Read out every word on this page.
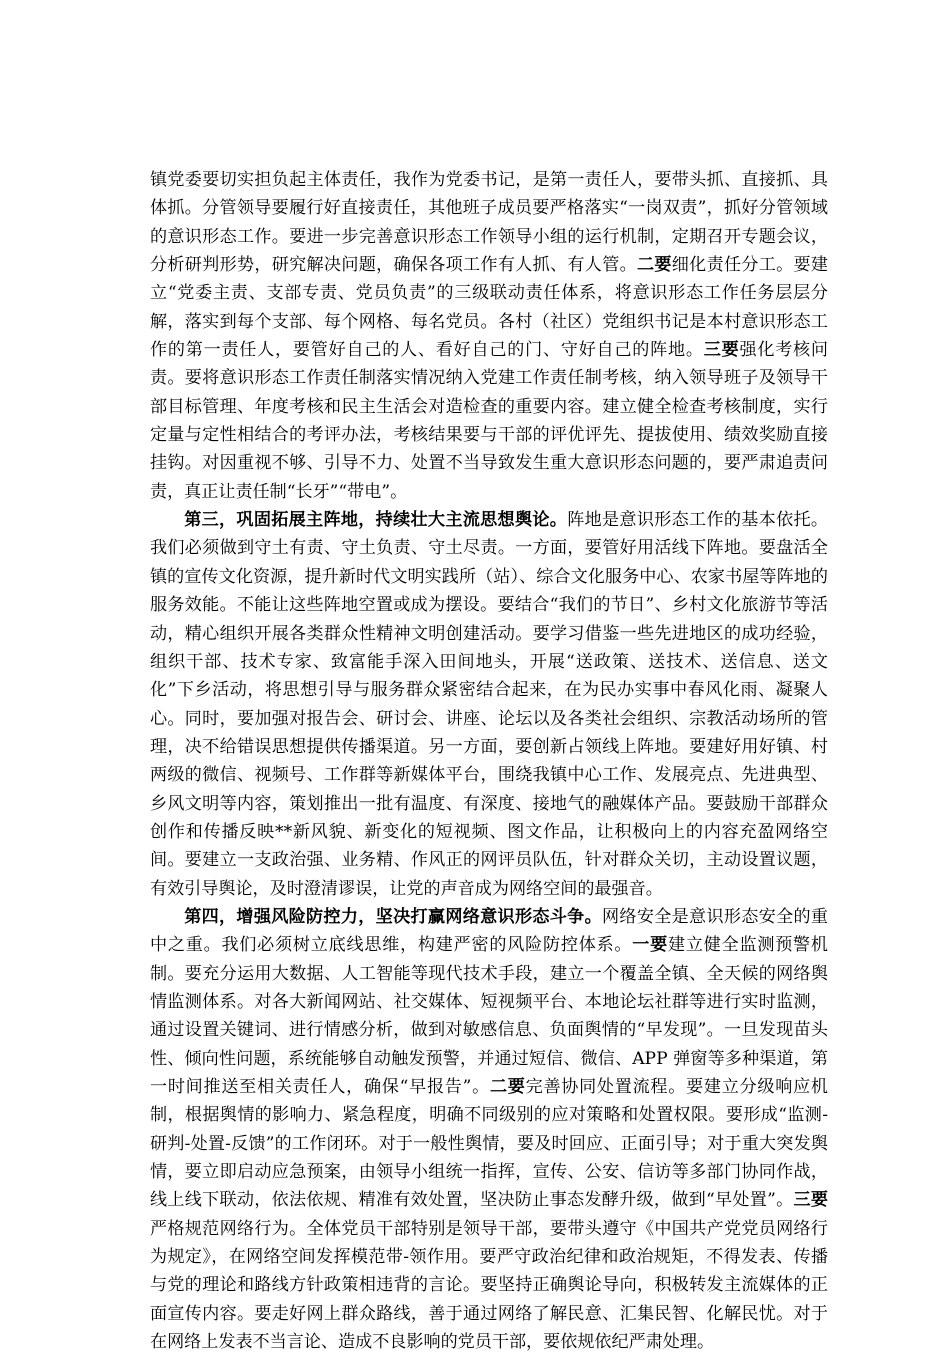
镇党委要切实担负起主体责任，我作为党委书记，是第一责任人，要带头抓、直接抓、具体抓。分管领导要履行好直接责任，其他班子成员要严格落实“一岗双责”，抓好分管领域的意识形态工作。要进一步完善意识形态工作领导小组的运行机制，定期召开专题会议，分析研判形势，研究解决问题，确保各项工作有人抓、有人管。二要细化责任分工。要建立“党委主责、支部专责、党员负责”的三级联动责任体系，将意识形态工作任务层层分解，落实到每个支部、每个网格、每名党员。各村（社区）党组织书记是本村意识形态工作的第一责任人，要管好自己的人、看好自己的门、守好自己的阵地。三要强化考核问责。要将意识形态工作责任制落实情况纳入党建工作责任制考核，纳入领导班子及领导干部目标管理、年度考核和民主生活会对造检查的重要内容。建立健全检查考核制度，实行定量与定性相结合的考评办法，考核结果要与干部的评优评先、提拔使用、绩效奖励直接挂钩。对因重视不够、引导不力、处置不当导致发生重大意识形态问题的，要严肃追责问责，真正让责任制“长牙”“带电”。

第三，巩固拓展主阵地，持续壮大主流思想舆论。阵地是意识形态工作的基本依托。我们必须做到守土有责、守土负责、守土尽责。一方面，要管好用活线下阵地。要盘活全镇的宣传文化资源，提升新时代文明实践所（站）、综合文化服务中心、农家书屋等阵地的服务效能。不能让这些阵地空置或成为摆设。要结合“我们的节日”、乡村文化旅游节等活动，精心组织开展各类群众性精神文明创建活动。要学习借鉴一些先进地区的成功经验，组织干部、技术专家、致富能手深入田间地头，开展“送政策、送技术、送信息、送文化”下乡活动，将思想引导与服务群众紧密结合起来，在为民办实事中春风化雨、凝聚人心。同时，要加强对报告会、研讨会、讲座、论坛以及各类社会组织、宗教活动场所的管理，决不给错误思想提供传播渠道。另一方面，要创新占领线上阵地。要建好用好镇、村两级的微信、视频号、工作群等新媒体平台，围绕我镇中心工作、发展亮点、先进典型、乡风文明等内容，策划推出一批有温度、有深度、接地气的融媒体产品。要鼓励干部群众创作和传播反映**新风貌、新变化的短视频、图文作品，让积极向上的内容充盈网络空间。要建立一支政治强、业务精、作风正的网评员队伍，针对群众关切，主动设置议题，有效引导舆论，及时澄清谬误，让党的声音成为网络空间的最强音。

第四，增强风险防控力，坚决打赢网络意识形态斗争。网络安全是意识形态安全的重中之重。我们必须树立底线思维，构建严密的风险防控体系。一要建立健全监测预警机制。要充分运用大数据、人工智能等现代技术手段，建立一个覆盖全镇、全天候的网络舆情监测体系。对各大新闻网站、社交媒体、短视频平台、本地论坛社群等进行实时监测，通过设置关键词、进行情感分析，做到对敏感信息、负面舆情的“早发现”。一旦发现苗头性、倾向性问题，系统能够自动触发预警，并通过短信、微信、APP 弹窗等多种渠道，第一时间推送至相关责任人，确保“早报告”。二要完善协同处置流程。要建立分级响应机制，根据舆情的影响力、紧急程度，明确不同级别的应对策略和处置权限。要形成“监测-研判-处置-反馈”的工作闭环。对于一般性舆情，要及时回应、正面引导；对于重大突发舆情，要立即启动应急预案，由领导小组统一指挥，宣传、公安、信访等多部门协同作战，线上线下联动，依法依规、精准有效处置，坚决防止事态发酵升级，做到“早处置”。三要严格规范网络行为。全体党员干部特别是领导干部，要带头遵守《中国共产党党员网络行为规定》，在网络空间发挥模范带-领作用。要严守政治纪律和政治规矩，不得发表、传播与党的理论和路线方针政策相违背的言论。要坚持正确舆论导向，积极转发主流媒体的正面宣传内容。要走好网上群众路线，善于通过网络了解民意、汇集民智、化解民忧。对于在网络上发表不当言论、造成不良影响的党员干部，要依规依纪严肃处理。
